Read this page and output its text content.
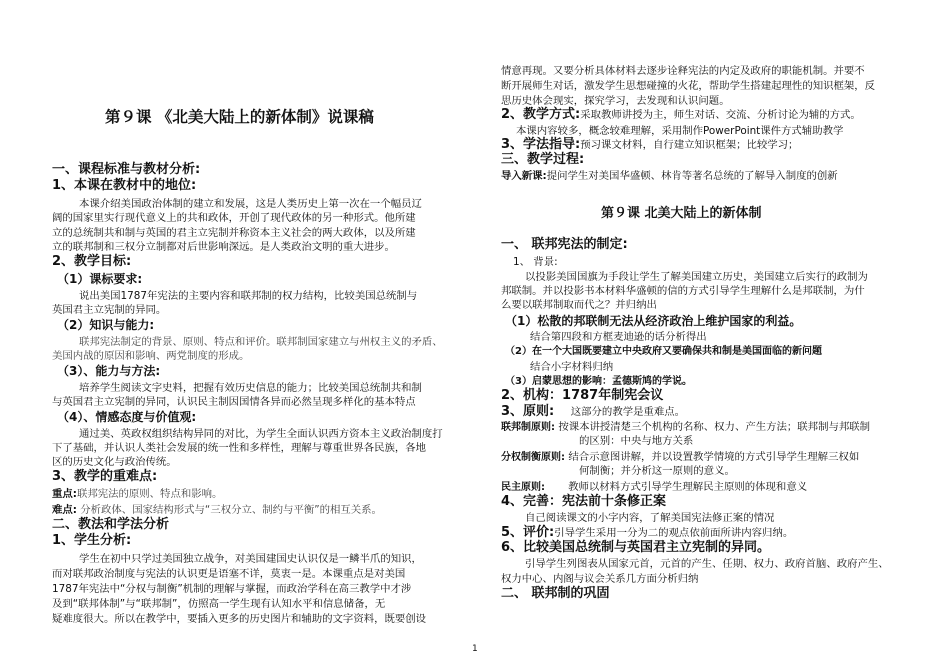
第９课 《北美大陆上的新体制》说课稿
一、课程标准与教材分析:
1、本课在教材中的地位:
本课介绍美国政治体制的建立和发展，这是人类历史上第一次在一个幅员辽
阔的国家里实行现代意义上的共和政体，开创了现代政体的另一种形式。他所建
立的总统制共和制与英国的君主立宪制并称资本主义社会的两大政体，以及所建
立的联邦制和三权分立制都对后世影响深远。是人类政治文明的重大进步。
2、教学目标:
（1）课标要求:
说出美国1787年宪法的主要内容和联邦制的权力结构，比较美国总统制与
英国君主立宪制的异同。
（2）知识与能力:
联邦宪法制定的背景、原则、特点和评价。联邦制国家建立与州权主义的矛盾、
美国内战的原因和影响、两党制度的形成。
（3）、能力与方法:
培养学生阅读文字史料，把握有效历史信息的能力；比较美国总统制共和制
与英国君主立宪制的异同，认识民主制因国情各异而必然呈现多样化的基本特点
（4）、情感态度与价值观:
通过美、英政权组织结构异同的对比，为学生全面认识西方资本主义政治制度打
下了基础，并认识人类社会发展的统一性和多样性，理解与尊重世界各民族，各地
区的历史文化与政治传统。
3、教学的重难点:
重点:联邦宪法的原则、特点和影响。
难点: 分析政体、国家结构形式与“三权分立、制约与平衡”的相互关系。
二、教法和学法分析
1、学生分析:
学生在初中只学过美国独立战争，对美国建国史认识仅是一鳞半爪的知识，
而对联邦政治制度与宪法的认识更是语塞不详，莫衷一是。本课重点是对美国
1787年宪法中“分权与制衡”机制的理解与掌握，而政治学科在高三教学中才涉
及到“联邦体制”与“联邦制”，仿照高一学生现有认知水平和信息储备，无
疑难度很大。所以在教学中，要插入更多的历史图片和辅助的文字资料，既要创设
情意再现。又要分析具体材料去逐步诠释宪法的内定及政府的职能机制。并要不
断开展师生对话，激发学生思想碰撞的火花，帮助学生搭建起理性的知识框架，反
思历史体会现实，探究学习，去发现和认识问题。
2、教学方式:采取教师讲授为主，师生对话、交流、分析讨论为辅的方式。
本课内容较多，概念较难理解，采用制作PowerPoint课件方式辅助教学
3、学法指导:预习课文材料，自行建立知识框架；比较学习；
三、教学过程:
导入新课:提问学生对美国华盛顿、林肯等著名总统的了解导入制度的创新
第９课 北美大陆上的新体制
一、 联邦宪法的制定:
1、 背景:
以投影美国国旗为手段让学生了解美国建立历史，美国建立后实行的政制为
邦联制。并以投影书本材料华盛顿的信的方式引导学生理解什么是邦联制，为什
么要以联邦制取而代之？并归纳出
（1）松散的邦联制无法从经济政治上维护国家的利益。
结合第四段和方框麦迪逊的话分析得出
（2）在一个大国既要建立中央政府又要确保共和制是美国面临的新问题
结合小字材料归纳
（3）启蒙思想的影响：孟德斯鸠的学说。
2、机构：1787年制宪会议
3、原则: 这部分的教学是重难点。
联邦制原则: 按课本讲授清楚三个机构的名称、权力、产生方法；联邦制与邦联制
的区别：中央与地方关系
分权制衡原则: 结合示意图讲解，并以设置教学情境的方式引导学生理解三权如
何制衡；并分析这一原则的意义。
民主原则: 教师以材料方式引导学生理解民主原则的体现和意义
4、完善：宪法前十条修正案
自己阅读课文的小字内容，了解美国宪法修正案的情况
5、评价:引导学生采用一分为二的观点依前面所讲内容归纳。
6、比较美国总统制与英国君主立宪制的异同。
引导学生列图表从国家元首，元首的产生、任期、权力、政府首脑、政府产生、
权力中心、内阁与议会关系几方面分析归纳
二、 联邦制的巩固
1
